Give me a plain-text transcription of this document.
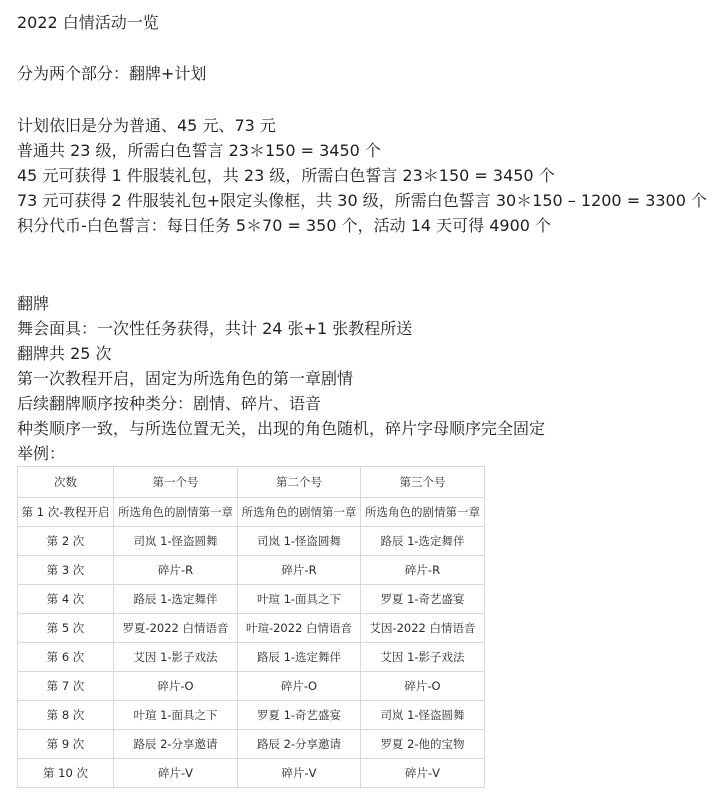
2022 白情活动一览
分为两个部分：翻牌+计划
计划依旧是分为普通、45 元、73 元
普通共 23 级，所需白色誓言 23＊150 = 3450 个
45 元可获得 1 件服装礼包，共 23 级，所需白色誓言 23＊150 = 3450 个
73 元可获得 2 件服装礼包+限定头像框，共 30 级，所需白色誓言 30＊150 – 1200 = 3300 个
积分代币-白色誓言：每日任务 5＊70 = 350 个，活动 14 天可得 4900 个
翻牌
舞会面具：一次性任务获得，共计 24 张+1 张教程所送
翻牌共 25 次
第一次教程开启，固定为所选角色的第一章剧情
后续翻牌顺序按种类分：剧情、碎片、语音
种类顺序一致，与所选位置无关，出现的角色随机，碎片字母顺序完全固定
举例：
次数	第一个号	第二个号	第三个号
第 1 次-教程开启	所选角色的剧情第一章	所选角色的剧情第一章	所选角色的剧情第一章
第 2 次	司岚 1-怪盗圆舞	司岚 1-怪盗圆舞	路辰 1-选定舞伴
第 3 次	碎片-R	碎片-R	碎片-R
第 4 次	路辰 1-选定舞伴	叶瑄 1-面具之下	罗夏 1-奇艺盛宴
第 5 次	罗夏-2022 白情语音	叶瑄-2022 白情语音	艾因-2022 白情语音
第 6 次	艾因 1-影子戏法	路辰 1-选定舞伴	艾因 1-影子戏法
第 7 次	碎片-O	碎片-O	碎片-O
第 8 次	叶瑄 1-面具之下	罗夏 1-奇艺盛宴	司岚 1-怪盗圆舞
第 9 次	路辰 2-分享邀请	路辰 2-分享邀请	罗夏 2-他的宝物
第 10 次	碎片-V	碎片-V	碎片-V
